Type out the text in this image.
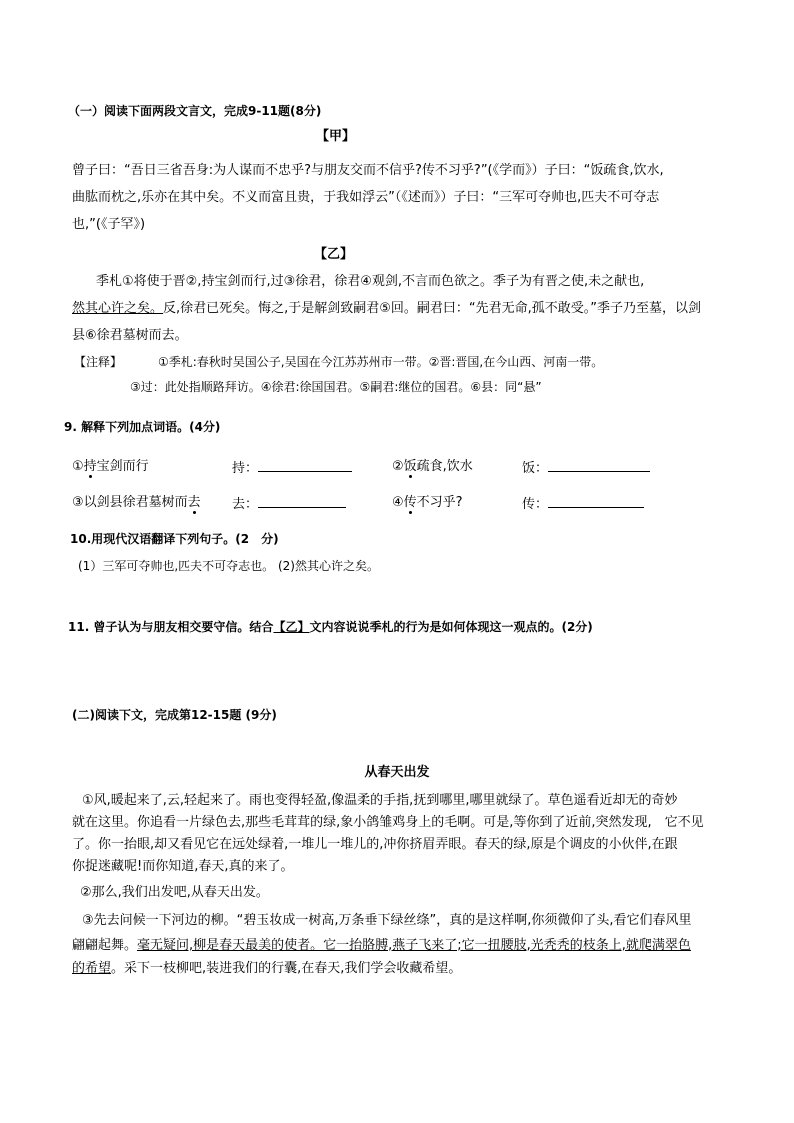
（一）阅读下面两段文言文，完成9-11题(8分)
【甲】
曾子曰：“吾日三省吾身:为人谋而不忠乎?与朋友交而不信乎?传不习乎?”(《学而》）子曰：“饭疏食,饮水,
曲肱而枕之,乐亦在其中矣。不义而富且贵，于我如浮云”（《述而》）子曰：“三军可夺帅也,匹夫不可夺志
也,”(《子罕》)
【乙】
季札①将使于晋②,持宝剑而行,过③徐君，徐君④观剑,不言而色欲之。季子为有晋之使,未之献也,
然其心许之矣。反,徐君已死矣。悔之,于是解剑致嗣君⑤回。嗣君曰：“先君无命,孤不敢受。”季子乃至墓，以剑
县⑥徐君墓树而去。
【注释】	①季札:春秋时吴国公子,吴国在今江苏苏州市一带。②晋:晋国,在今山西、河南一带。
③过：此处指顺路拜访。④徐君:徐国国君。⑤嗣君:继位的国君。⑥县：同“悬”
9. 解释下列加点词语。(4分)
①持宝剑而行	持：	②饭疏食,饮水	饭：
③以剑县徐君墓树而去 去：	④传不习乎?	传：
10.用现代汉语翻译下列句子。(2　分)
(1）三军可夺帅也,匹夫不可夺志也。 (2)然其心许之矣。
11. 曾子认为与朋友相交要守信。结合【乙】文内容说说季札的行为是如何体现这一观点的。(2分)
(二)阅读下文，完成第12-15题 (9分)
从春天出发
①风,暖起来了,云,轻起来了。雨也变得轻盈,像温柔的手指,抚到哪里,哪里就绿了。草色遥看近却无的奇妙
就在这里。你追看一片绿色去,那些毛茸茸的绿,象小鸽雏鸡身上的毛啊。可是,等你到了近前,突然发现,　它不见
了。你一抬眼,却又看见它在远处绿着,一堆儿一堆儿的,冲你挤眉弄眼。春天的绿,原是个调皮的小伙伴,在跟
你捉迷藏呢!而你知道,春天,真的来了。
②那么,我们出发吧,从春天出发。
③先去问候一下河边的柳。“碧玉妆成一树高,万条垂下绿丝绦”，真的是这样啊,你须微仰了头,看它们春风里
翩翩起舞。毫无疑问,柳是春天最美的使者。它一抬胳膊,燕子飞来了;它一扭腰肢,光秃秃的枝条上,就爬满翠色
的希望。采下一枝柳吧,装进我们的行囊,在春天,我们学会收藏希望。
